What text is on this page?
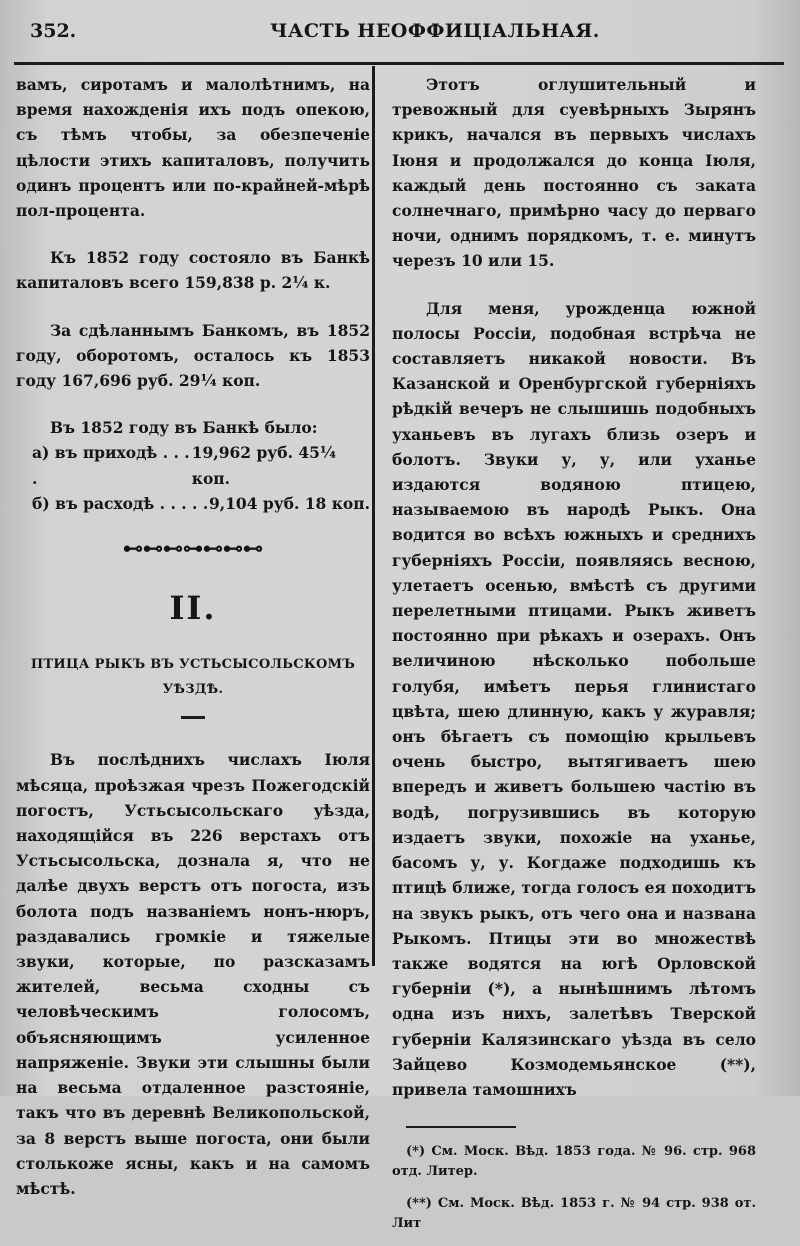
352.	ЧАСТЬ НЕОФФИЦІАЛЬНАЯ.

вамъ, сиротамъ и малолѣтнимъ, на время нахожденія ихъ подъ опекою, съ тѣмъ чтобы, за обезпеченіе цѣлости этихъ капиталовъ, получить одинъ процентъ или по-крайней-мѣрѣ пол-процента.

Къ 1852 году состояло въ Банкѣ капиталовъ всего 159,838 р. 2¼ к.

За сдѣланнымъ Банкомъ, въ 1852 году, оборотомъ, осталось къ 1853 году 167,696 руб. 29¼ коп.

Въ 1852 году въ Банкѣ было:

а) въ приходѣ . . . .
19,962 руб. 45¼ коп.
б) въ расходѣ . . . . . 9,104 руб. 18 коп.
⊷⊷⊷⊶⊷⊷⊷
II.
ПТИЦА РЫКЪ ВЪ УСТЬСЫСОЛЬСКОМЪ УѢЗДѢ.

Въ послѣднихъ числахъ Іюля мѣсяца, проѣзжая чрезъ Пожегодскій погостъ, Устьсысольскаго уѣзда, находящійся въ 226 верстахъ отъ Устьсысольска, дознала я, что не далѣе двухъ верстъ отъ погоста, изъ болота подъ названіемъ нонъ-нюръ, раздавались громкіе и тяжелые звуки, которые, по разсказамъ жителей, весьма сходны съ человѣческимъ голосомъ, объясняющимъ усиленное напряженіе. Звуки эти слышны были на весьма отдаленное разстояніе, такъ что въ деревнѣ Великопольской, за 8 верстъ выше погоста, они были столькоже ясны, какъ и на самомъ мѣстѣ.

Этотъ оглушительный и тревожный для суевѣрныхъ Зырянъ крикъ, начался въ первыхъ числахъ Іюня и продолжался до конца Іюля, каждый день постоянно съ заката солнечнаго, примѣрно часу до перваго ночи, однимъ порядкомъ, т. е. минутъ черезъ 10 или 15.

Для меня, урожденца южной полосы Россіи, подобная встрѣча не составляетъ никакой новости. Въ Казанской и Оренбургской губерніяхъ рѣдкій вечеръ не слышишь подобныхъ уханьевъ въ лугахъ близь озеръ и болотъ. Звуки у, у, или уханье издаются водяною птицею, называемою въ народѣ Рыкъ. Она водится во всѣхъ южныхъ и среднихъ губерніяхъ Россіи, появляясь весною, улетаетъ осенью, вмѣстѣ съ другими перелетными птицами. Рыкъ живетъ постоянно при рѣкахъ и озерахъ. Онъ величиною нѣсколько побольше голубя, имѣетъ перья глинистаго цвѣта, шею длинную, какъ у журавля; онъ бѣгаетъ съ помощію крыльевъ очень быстро, вытягиваетъ шею впередъ и живетъ большею частію въ водѣ, погрузившись въ которую издаетъ звуки, похожіе на уханье, басомъ у, у. Когдаже подходишь къ птицѣ ближе, тогда голосъ ея походитъ на звукъ рыкъ, отъ чего она и названа Рыкомъ. Птицы эти во множествѣ также водятся на югѣ Орловской губерніи (*), а нынѣшнимъ лѣтомъ одна изъ нихъ, залетѣвъ Тверской губерніи Калязинскаго уѣзда въ село Зайцево Козмодемьянское (**), привела тамошнихъ

(*) См. Моск. Вѣд. 1853 года. № 96. стр. 968 отд. Литер.

(**) См. Моск. Вѣд. 1853 г. № 94 стр. 938 от. Лит
